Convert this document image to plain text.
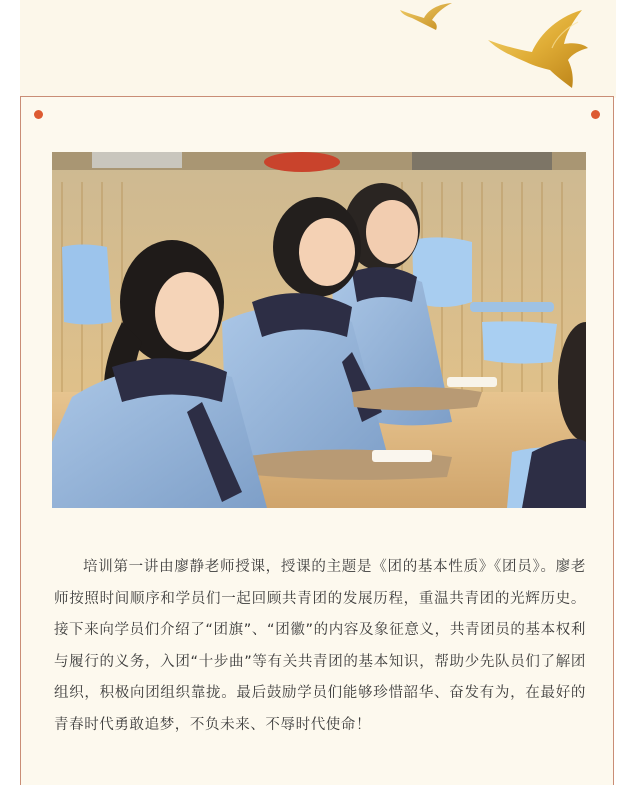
培训第一讲由廖静老师授课，授课的主题是《团的基本性质》《团员》。廖老师按照时间顺序和学员们一起回顾共青团的发展历程，重温共青团的光辉历史。接下来向学员们介绍了“团旗”、“团徽”的内容及象征意义，共青团员的基本权利与履行的义务，入团“十步曲”等有关共青团的基本知识，帮助少先队员们了解团组织，积极向团组织靠拢。最后鼓励学员们能够珍惜韶华、奋发有为，在最好的青春时代勇敢追梦，不负未来、不辱时代使命！
